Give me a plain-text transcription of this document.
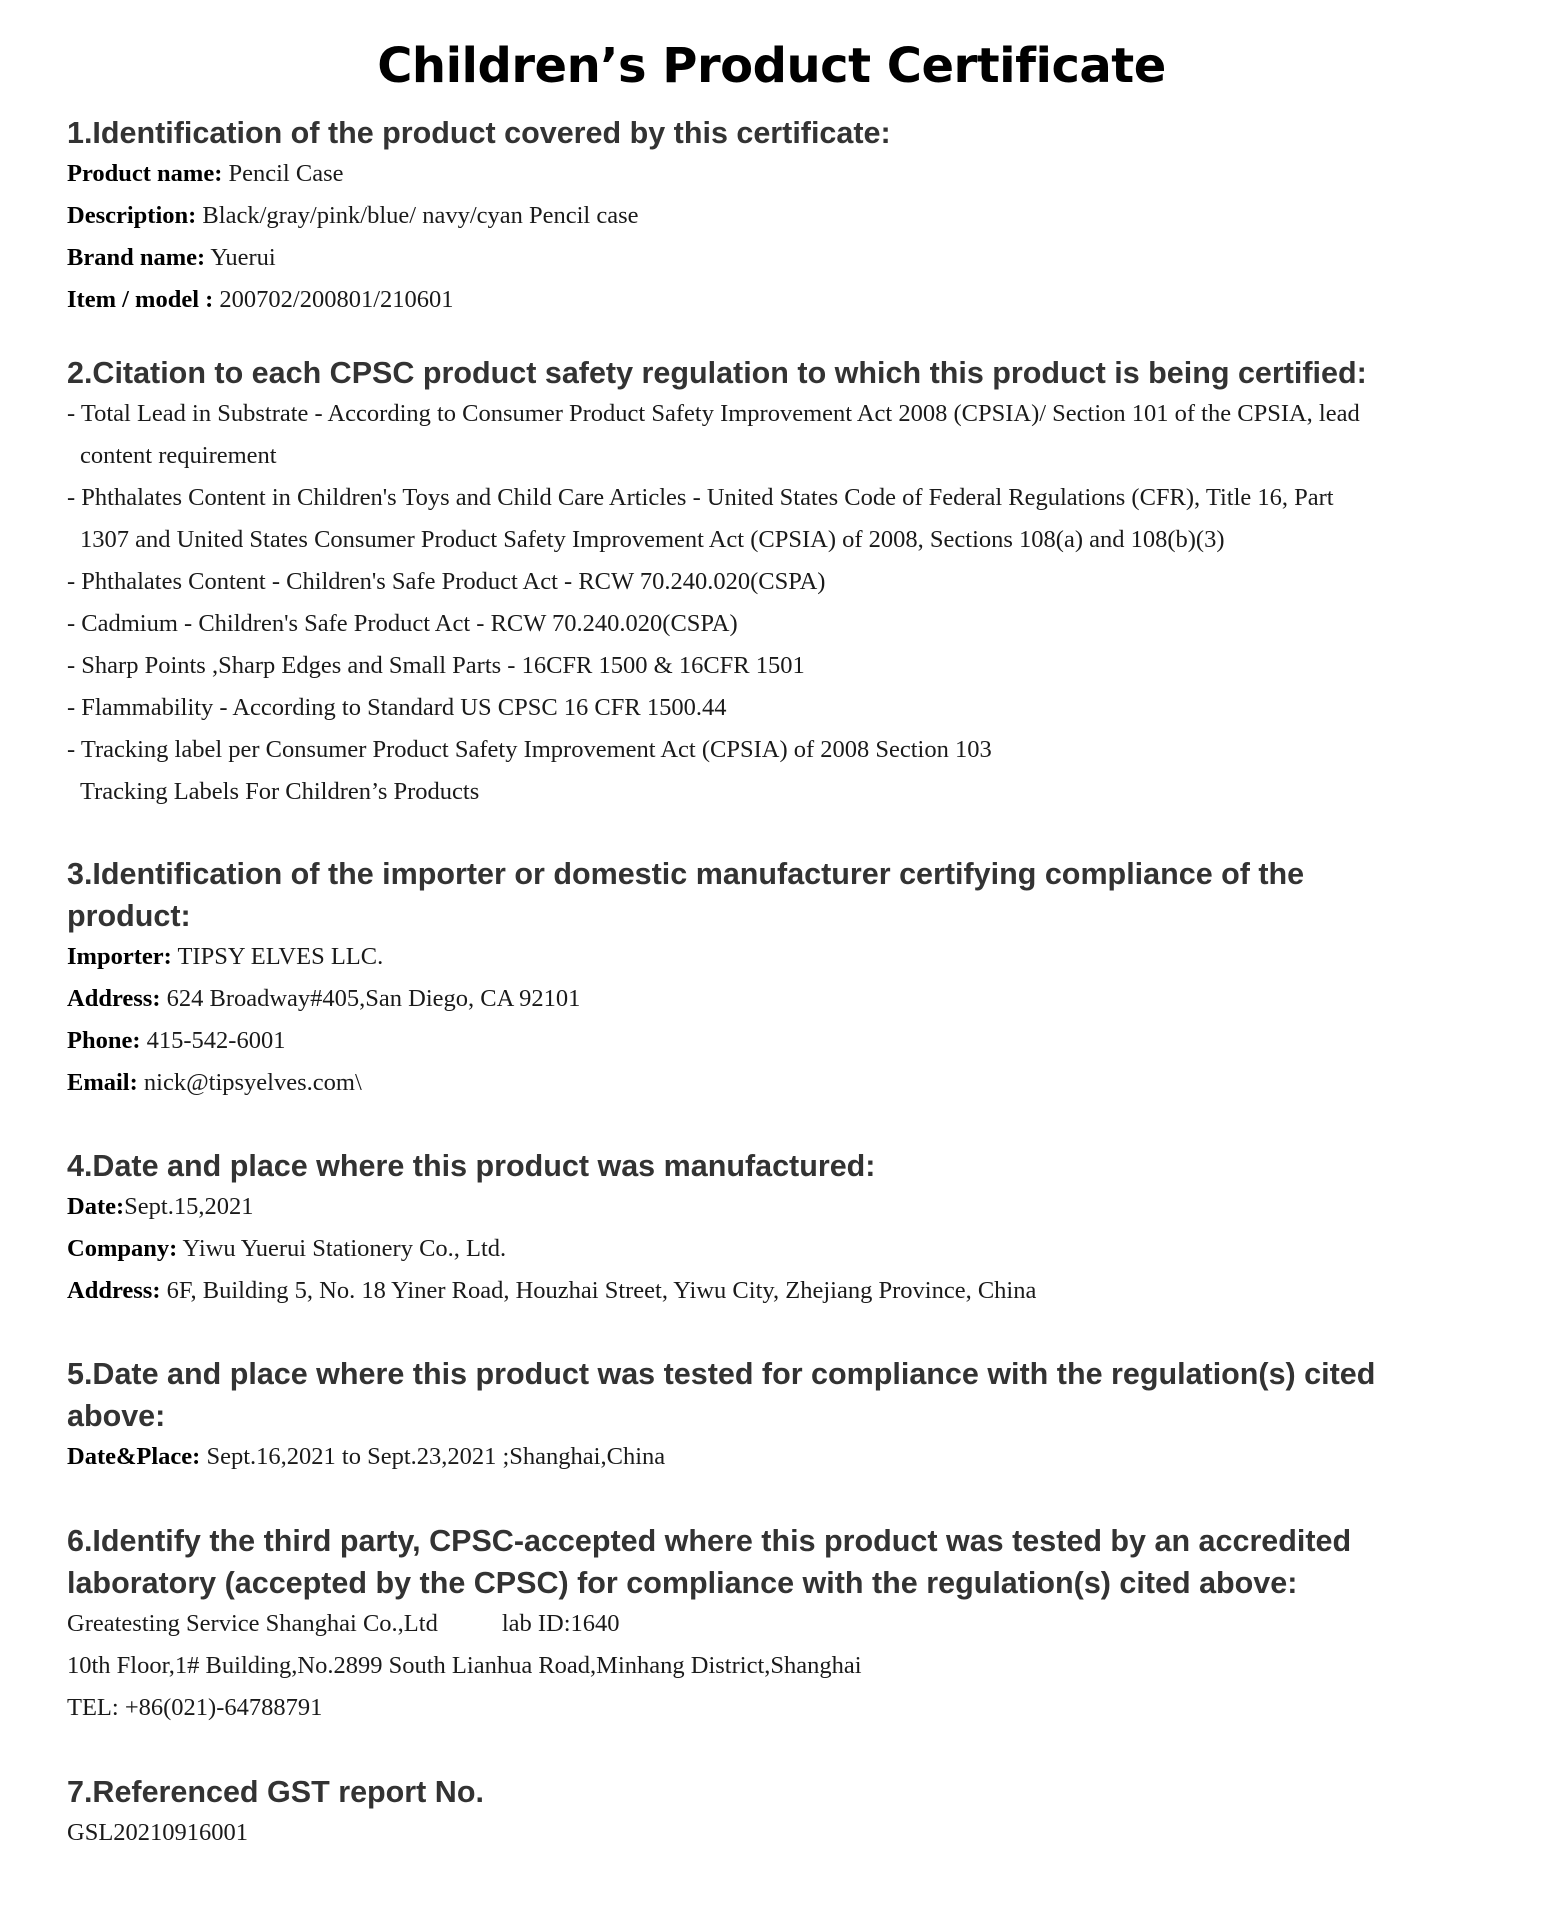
Children’s Product Certificate
1.Identification of the product covered by this certificate:
Product name: Pencil Case
Description: Black/gray/pink/blue/ navy/cyan Pencil case
Brand name: Yuerui
Item / model : 200702/200801/210601
2.Citation to each CPSC product safety regulation to which this product is being certified:
- Total Lead in Substrate - According to Consumer Product Safety Improvement Act 2008 (CPSIA)/ Section 101 of the CPSIA, lead
content requirement
- Phthalates Content in Children's Toys and Child Care Articles - United States Code of Federal Regulations (CFR), Title 16, Part
1307 and United States Consumer Product Safety Improvement Act (CPSIA) of 2008, Sections 108(a) and 108(b)(3)
- Phthalates Content - Children's Safe Product Act - RCW 70.240.020(CSPA)
- Cadmium - Children's Safe Product Act - RCW 70.240.020(CSPA)
- Sharp Points ,Sharp Edges and Small Parts - 16CFR 1500 & 16CFR 1501
- Flammability - According to Standard US CPSC 16 CFR 1500.44
- Tracking label per Consumer Product Safety Improvement Act (CPSIA) of 2008 Section 103
Tracking Labels For Children’s Products
3.Identification of the importer or domestic manufacturer certifying compliance of the
product:
Importer: TIPSY ELVES LLC.
Address: 624 Broadway#405,San Diego, CA 92101
Phone: 415-542-6001
Email: nick@tipsyelves.com\
4.Date and place where this product was manufactured:
Date:Sept.15,2021
Company: Yiwu Yuerui Stationery Co., Ltd.
Address: 6F, Building 5, No. 18 Yiner Road, Houzhai Street, Yiwu City, Zhejiang Province, China
5.Date and place where this product was tested for compliance with the regulation(s) cited
above:
Date&Place: Sept.16,2021 to Sept.23,2021 ;Shanghai,China
6.Identify the third party, CPSC-accepted where this product was tested by an accredited
laboratory (accepted by the CPSC) for compliance with the regulation(s) cited above:
Greatesting Service Shanghai Co.,Ltd	lab ID:1640
10th Floor,1# Building,No.2899 South Lianhua Road,Minhang District,Shanghai
TEL: +86(021)-64788791
7.Referenced GST report No.
GSL20210916001
